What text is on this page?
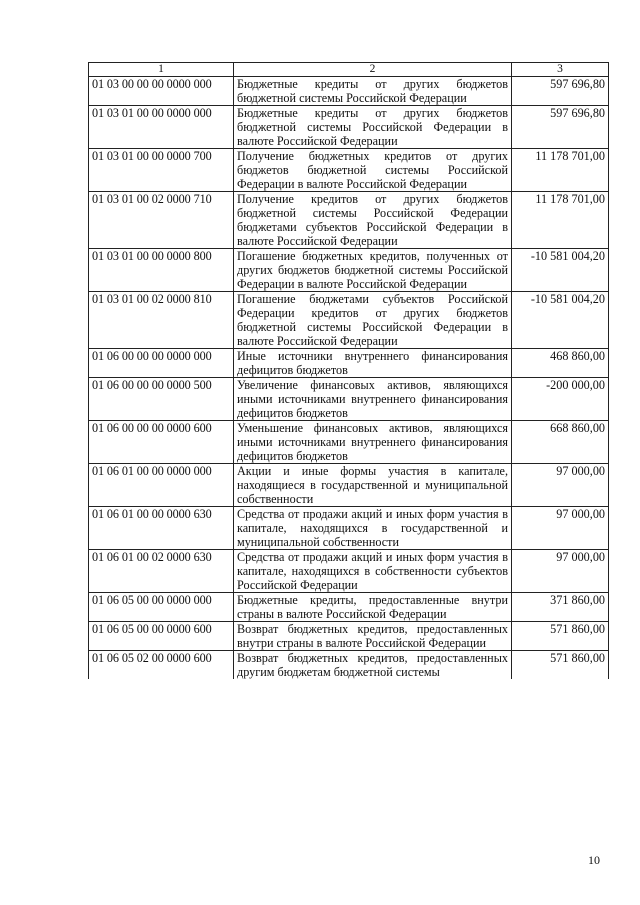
1	2	3
01 03 00 00 00 0000 000	Бюджетные кредиты от других бюджетов бюджетной системы Российской Федерации	597 696,80
01 03 01 00 00 0000 000	Бюджетные кредиты от других бюджетов бюджетной системы Российской Федерации в валюте Российской Федерации	597 696,80
01 03 01 00 00 0000 700	Получение бюджетных кредитов от других бюджетов бюджетной системы Российской Федерации в валюте Российской Федерации	11 178 701,00
01 03 01 00 02 0000 710	Получение кредитов от других бюджетов бюджетной системы Российской Федерации бюджетами субъектов Российской Федерации в валюте Российской Федерации	11 178 701,00
01 03 01 00 00 0000 800	Погашение бюджетных кредитов, полученных от других бюджетов бюджетной системы Российской Федерации в валюте Российской Федерации	-10 581 004,20
01 03 01 00 02 0000 810	Погашение бюджетами субъектов Российской Федерации кредитов от других бюджетов бюджетной системы Российской Федерации в валюте Российской Федерации	-10 581 004,20
01 06 00 00 00 0000 000	Иные источники внутреннего финансирования дефицитов бюджетов	468 860,00
01 06 00 00 00 0000 500	Увеличение финансовых активов, являющихся иными источниками внутреннего финансирования дефицитов бюджетов	-200 000,00
01 06 00 00 00 0000 600	Уменьшение финансовых активов, являющихся иными источниками внутреннего финансирования дефицитов бюджетов	668 860,00
01 06 01 00 00 0000 000	Акции и иные формы участия в капитале, находящиеся в государственной и муниципальной собственности	97 000,00
01 06 01 00 00 0000 630	Средства от продажи акций и иных форм участия в капитале, находящихся в государственной и муниципальной собственности	97 000,00
01 06 01 00 02 0000 630	Средства от продажи акций и иных форм участия в капитале, находящихся в собственности субъектов Российской Федерации	97 000,00
01 06 05 00 00 0000 000	Бюджетные кредиты, предоставленные внутри страны в валюте Российской Федерации	371 860,00
01 06 05 00 00 0000 600	Возврат бюджетных кредитов, предоставленных внутри страны в валюте Российской Федерации	571 860,00
01 06 05 02 00 0000 600	Возврат бюджетных кредитов, предоставленных другим бюджетам бюджетной системы	571 860,00
10
